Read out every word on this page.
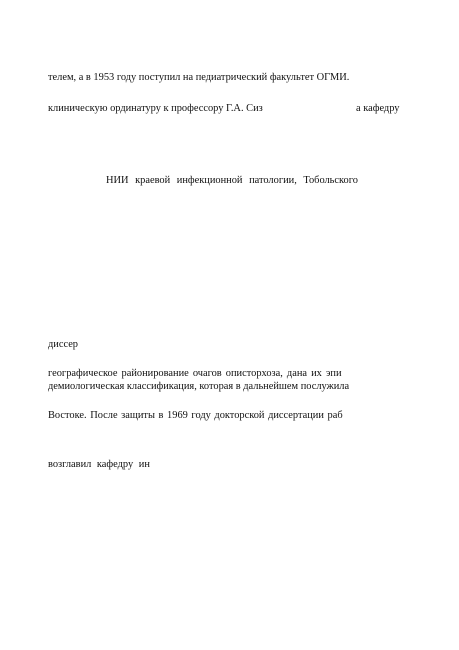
телем, а в 1953 году поступил на педиатрический факультет ОГМИ.
клиническую ординатуру к профессору Г.А. Сиз	а кафедру
НИИ краевой инфекционной патологии, Тобольского
диссер
географическое районирование очагов описторхоза, дана их эпи
демиологическая классификация, которая в дальнейшем послужила
Востоке. После защиты в 1969 году докторской диссертации раб
возглавил кафедру ин
